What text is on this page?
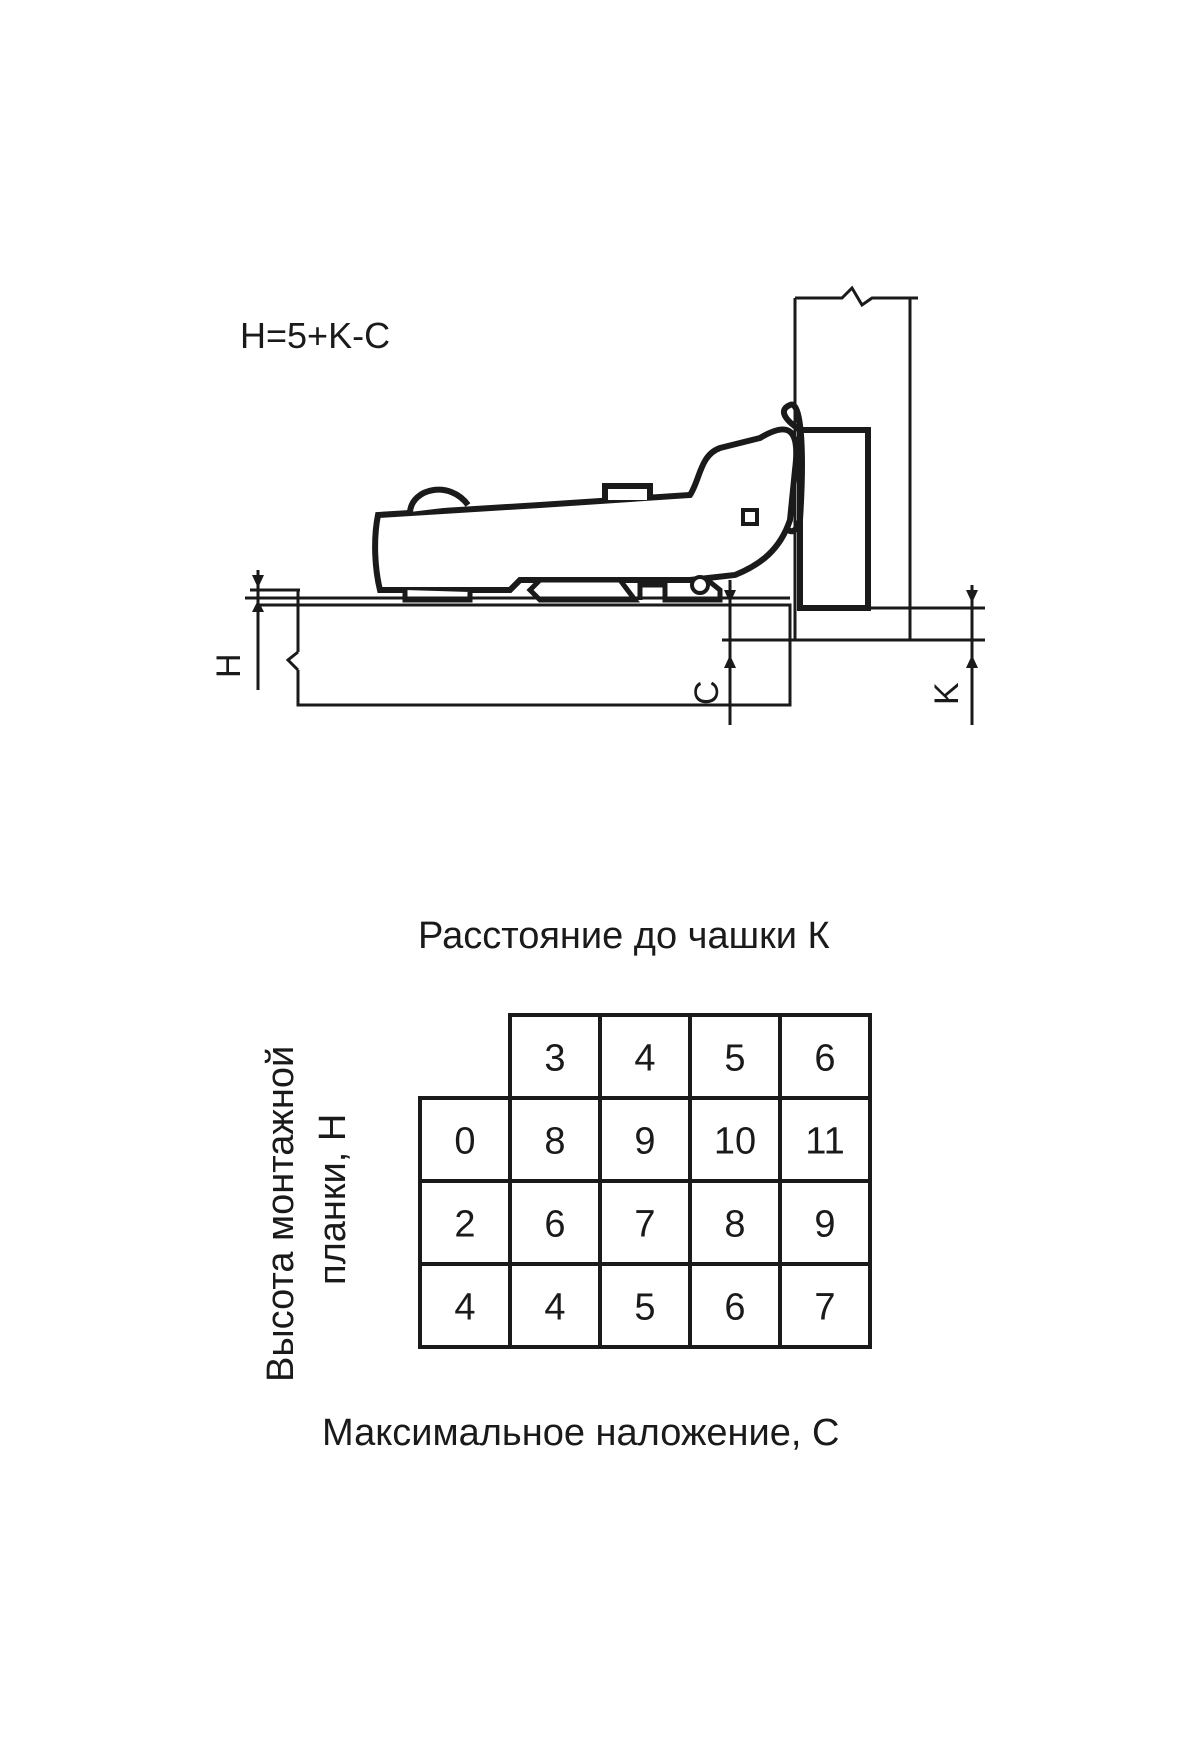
H=5+K-C
H
C	K
Расстояние до чашки К
Высота монтажной планки, Н
Максимальное наложение, С
3 4 5 6
0 8 9 10 11
2 6 7 8 9
4 4 5 6 7
